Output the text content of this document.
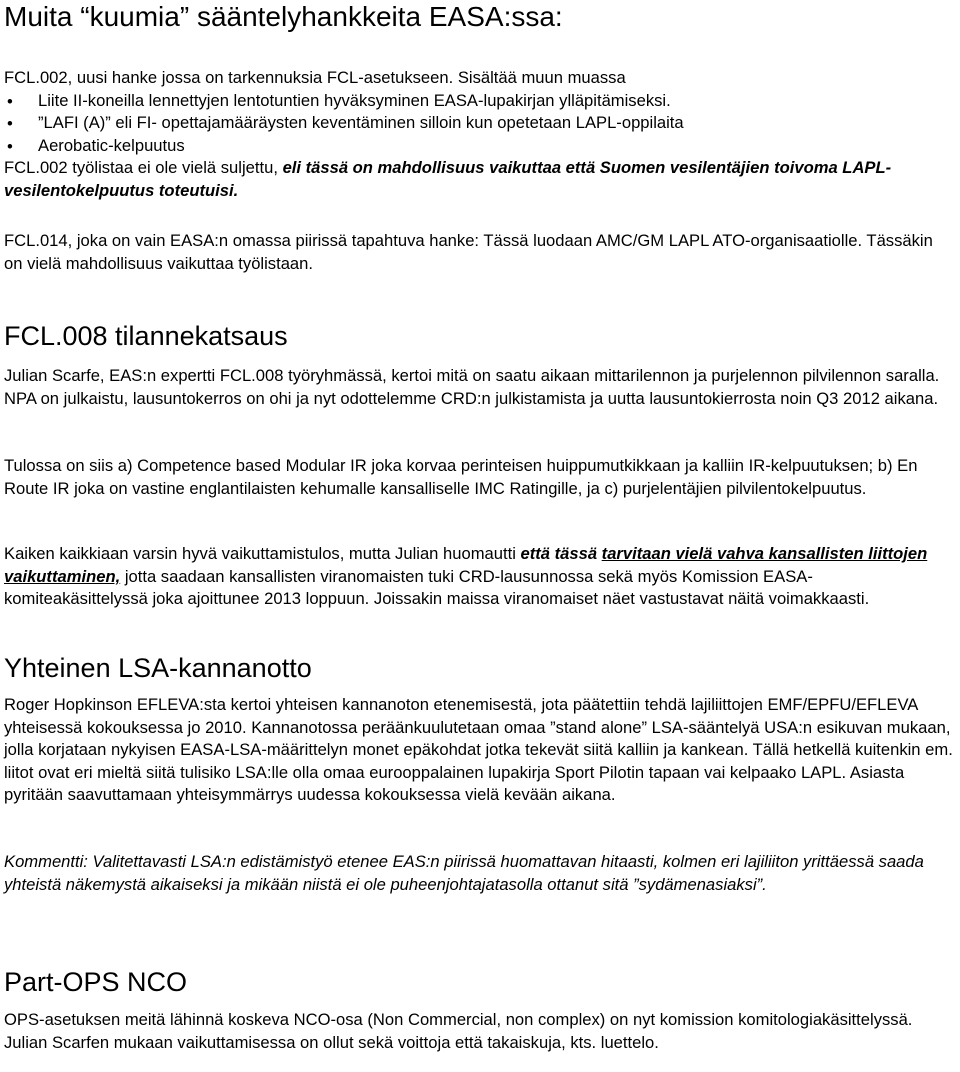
Muita “kuumia” sääntelyhankkeita EASA:ssa:
FCL.002, uusi hanke jossa on tarkennuksia FCL-asetukseen. Sisältää muun muassa
• Liite II-koneilla lennettyjen lentotuntien hyväksyminen EASA-lupakirjan ylläpitämiseksi.
• ”LAFI (A)” eli FI- opettajamääräysten keventäminen silloin kun opetetaan LAPL-oppilaita
• Aerobatic-kelpuutus
FCL.002 työlistaa ei ole vielä suljettu, eli tässä on mahdollisuus vaikuttaa että Suomen vesilentäjien toivoma LAPL- vesilentokelpuutus toteutuisi.

FCL.014, joka on vain EASA:n omassa piirissä tapahtuva hanke: Tässä luodaan AMC/GM LAPL ATO-organisaatiolle. Tässäkin on vielä mahdollisuus vaikuttaa työlistaan.

FCL.008 tilannekatsaus

Julian Scarfe, EAS:n expertti FCL.008 työryhmässä, kertoi mitä on saatu aikaan mittarilennon ja purjelennon pilvilennon saralla. NPA on julkaistu, lausuntokerros on ohi ja nyt odottelemme CRD:n julkistamista ja uutta lausuntokierrosta noin Q3 2012 aikana.

Tulossa on siis a) Competence based Modular IR joka korvaa perinteisen huippumutkikkaan ja kalliin IR-kelpuutuksen; b) En Route IR joka on vastine englantilaisten kehumalle kansalliselle IMC Ratingille, ja c) purjelentäjien pilvilentokelpuutus.

Kaiken kaikkiaan varsin hyvä vaikuttamistulos, mutta Julian huomautti että tässä tarvitaan vielä vahva kansallisten liittojen vaikuttaminen, jotta saadaan kansallisten viranomaisten tuki CRD-lausunnossa sekä myös Komission EASA-komiteakäsittelyssä joka ajoittunee 2013 loppuun. Joissakin maissa viranomaiset näet vastustavat näitä voimakkaasti.

Yhteinen LSA-kannanotto

Roger Hopkinson EFLEVA:sta kertoi yhteisen kannanoton etenemisestä, jota päätettiin tehdä lajiliittojen EMF/EPFU/EFLEVA yhteisessä kokouksessa jo 2010. Kannanotossa peräänkuulutetaan omaa ”stand alone” LSA-sääntelyä USA:n esikuvan mukaan, jolla korjataan nykyisen EASA-LSA-määrittelyn monet epäkohdat jotka tekevät siitä kalliin ja kankean. Tällä hetkellä kuitenkin em. liitot ovat eri mieltä siitä tulisiko LSA:lle olla omaa eurooppalainen lupakirja Sport Pilotin tapaan vai kelpaako LAPL. Asiasta pyritään saavuttamaan yhteisymmärrys uudessa kokouksessa vielä kevään aikana.

Kommentti: Valitettavasti LSA:n edistämistyö etenee EAS:n piirissä huomattavan hitaasti, kolmen eri lajiliiton yrittäessä saada yhteistä näkemystä aikaiseksi ja mikään niistä ei ole puheenjohtajatasolla ottanut sitä ”sydämenasiaksi”.

Part-OPS NCO

OPS-asetuksen meitä lähinnä koskeva NCO-osa (Non Commercial, non complex) on nyt komission komitologiakäsittelyssä. Julian Scarfen mukaan vaikuttamisessa on ollut sekä voittoja että takaiskuja, kts. luettelo.
